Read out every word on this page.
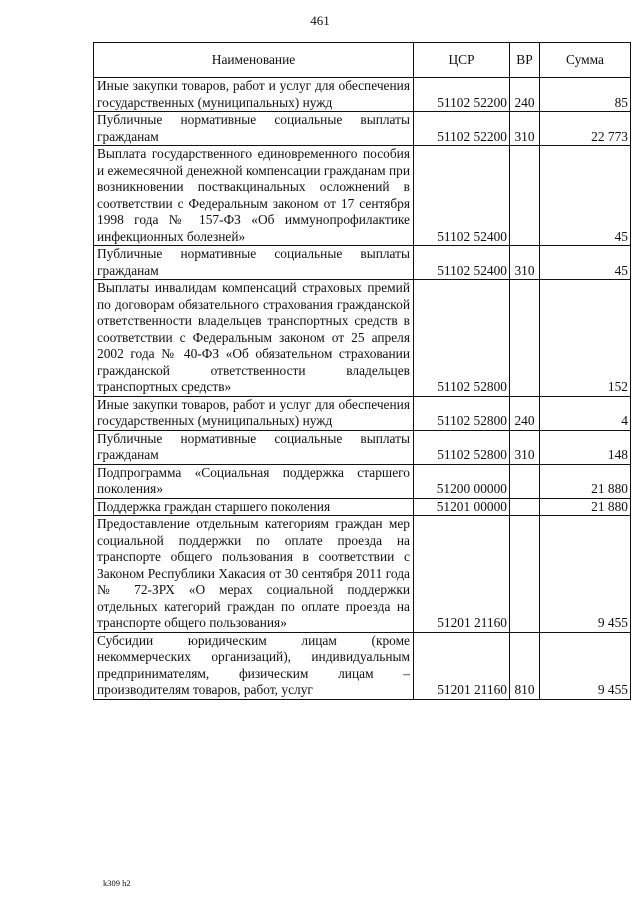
461
Наименование	ЦСР	ВР	Сумма
Иные закупки товаров, работ и услуг для обеспечения государственных (муниципальных) нужд	51102 52200	240	85
Публичные нормативные социальные выплаты гражданам	51102 52200	310	22 773
Выплата государственного единовременного пособия и ежемесячной денежной компенсации гражданам при возникновении поствакцинальных осложнений в соответствии с Федеральным законом от 17 сентября 1998 года № 157-ФЗ «Об иммунопрофилактике инфекционных болезней»	51102 52400		45
Публичные нормативные социальные выплаты гражданам	51102 52400	310	45
Выплаты инвалидам компенсаций страховых премий по договорам обязательного страхования гражданской ответственности владельцев транспортных средств в соответствии с Федеральным законом от 25 апреля 2002 года № 40-ФЗ «Об обязательном страховании гражданской ответственности владельцев транспортных средств»	51102 52800		152
Иные закупки товаров, работ и услуг для обеспечения государственных (муниципальных) нужд	51102 52800	240	4
Публичные нормативные социальные выплаты гражданам	51102 52800	310	148
Подпрограмма «Социальная поддержка старшего поколения»	51200 00000		21 880
Поддержка граждан старшего поколения	51201 00000		21 880
Предоставление отдельным категориям граждан мер социальной поддержки по оплате проезда на транспорте общего пользования в соответствии с Законом Республики Хакасия от 30 сентября 2011 года № 72-ЗРХ «О мерах социальной поддержки отдельных категорий граждан по оплате проезда на транспорте общего пользования»	51201 21160		9 455
Субсидии юридическим лицам (кроме некоммерческих организаций), индивидуальным предпринимателям, физическим лицам – производителям товаров, работ, услуг	51201 21160	810	9 455
k309 h2
